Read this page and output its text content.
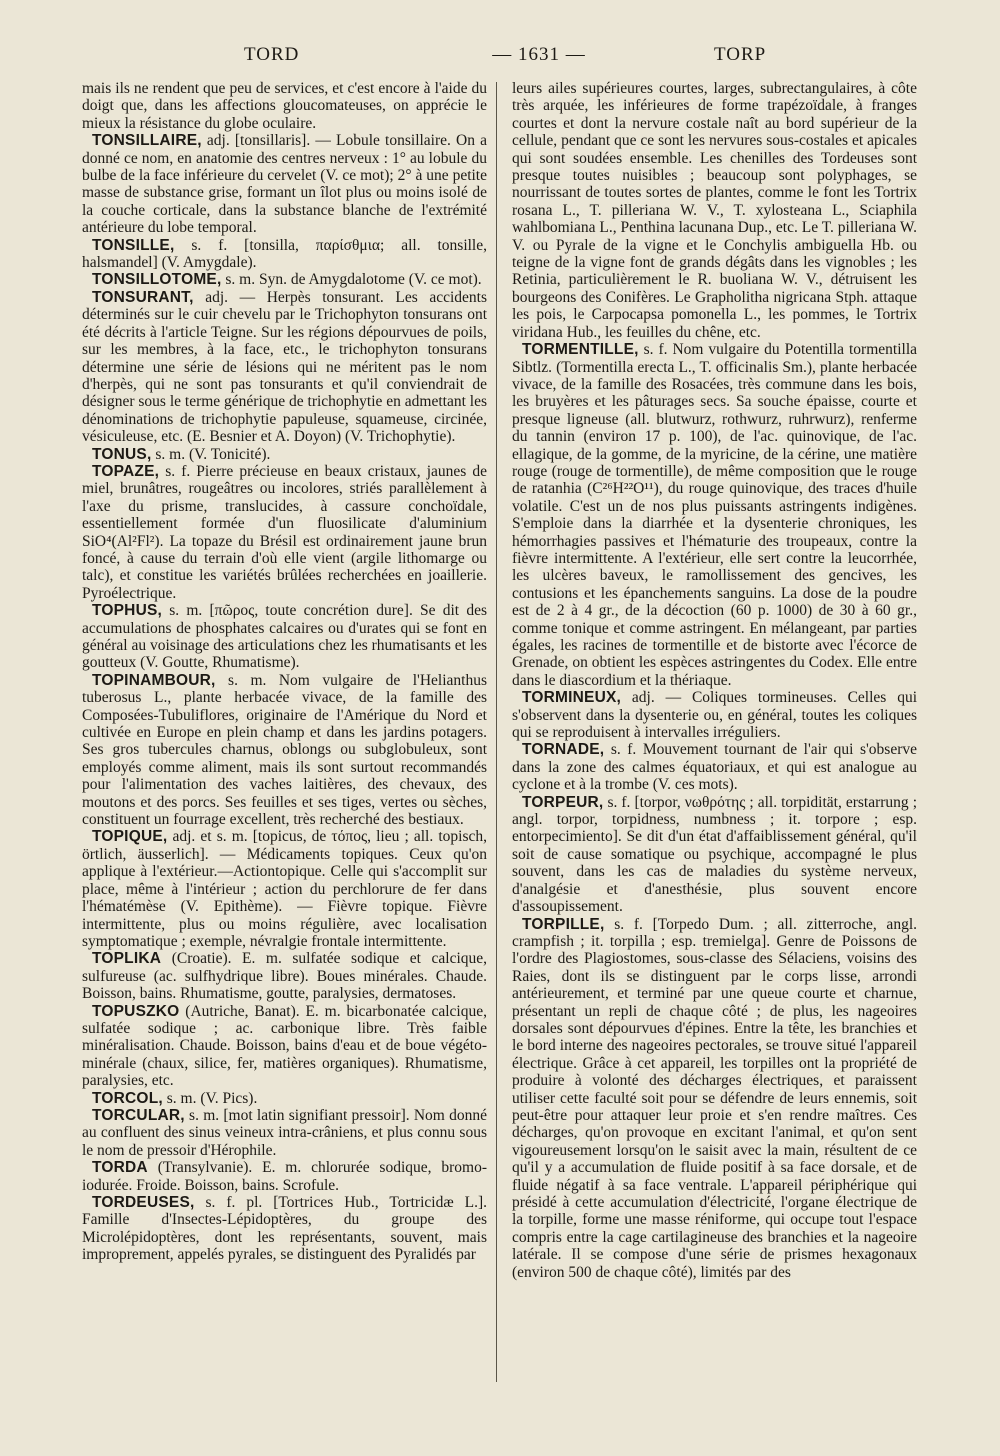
TORD	— 1631 —	TORP
mais ils ne rendent que peu de services, et c'est encore à l'aide du doigt que, dans les affections gloucomateuses, on apprécie le mieux la résistance du globe oculaire.
TONSILLAIRE, adj. [tonsillaris]. — Lobule tonsillaire. On a donné ce nom, en anatomie des centres nerveux : 1° au lobule du bulbe de la face inférieure du cervelet (V. ce mot); 2° à une petite masse de substance grise, formant un îlot plus ou moins isolé de la couche corticale, dans la substance blanche de l'extrémité antérieure du lobe temporal.
TONSILLE, s. f. [tonsilla, παρίσθμια; all. tonsille, halsmandel] (V. Amygdale).
TONSILLOTOME, s. m. Syn. de Amygdalotome (V. ce mot).
TONSURANT, adj. — Herpès tonsurant. Les accidents déterminés sur le cuir chevelu par le Trichophyton tonsurans ont été décrits à l'article Teigne. Sur les régions dépourvues de poils, sur les membres, à la face, etc., le trichophyton tonsurans détermine une série de lésions qui ne méritent pas le nom d'herpès, qui ne sont pas tonsurants et qu'il conviendrait de désigner sous le terme générique de trichophytie en admettant les dénominations de trichophytie papuleuse, squameuse, circinée, vésiculeuse, etc. (E. Besnier et A. Doyon) (V. Trichophytie).
TONUS, s. m. (V. Tonicité).
TOPAZE, s. f. Pierre précieuse en beaux cristaux, jaunes de miel, brunâtres, rougeâtres ou incolores, striés parallèlement à l'axe du prisme, translucides, à cassure conchoïdale, essentiellement formée d'un fluosilicate d'aluminium SiO⁴(Al²Fl²). La topaze du Brésil est ordinairement jaune brun foncé, à cause du terrain d'où elle vient (argile lithomarge ou talc), et constitue les variétés brûlées recherchées en joaillerie. Pyroélectrique.
TOPHUS, s. m. [πῶρος, toute concrétion dure]. Se dit des accumulations de phosphates calcaires ou d'urates qui se font en général au voisinage des articulations chez les rhumatisants et les goutteux (V. Goutte, Rhumatisme).
TOPINAMBOUR, s. m. Nom vulgaire de l'Helianthus tuberosus L., plante herbacée vivace, de la famille des Composées-Tubuliflores, originaire de l'Amérique du Nord et cultivée en Europe en plein champ et dans les jardins potagers. Ses gros tubercules charnus, oblongs ou subglobuleux, sont employés comme aliment, mais ils sont surtout recommandés pour l'alimentation des vaches laitières, des chevaux, des moutons et des porcs. Ses feuilles et ses tiges, vertes ou sèches, constituent un fourrage excellent, très recherché des bestiaux.
TOPIQUE, adj. et s. m. [topicus, de τόπος, lieu ; all. topisch, örtlich, äusserlich]. — Médicaments topiques. Ceux qu'on applique à l'extérieur.—Actiontopique. Celle qui s'accomplit sur place, même à l'intérieur ; action du perchlorure de fer dans l'hématémèse (V. Epithème). — Fièvre topique. Fièvre intermittente, plus ou moins régulière, avec localisation symptomatique ; exemple, névralgie frontale intermittente.
TOPLIKA (Croatie). E. m. sulfatée sodique et calcique, sulfureuse (ac. sulfhydrique libre). Boues minérales. Chaude. Boisson, bains. Rhumatisme, goutte, paralysies, dermatoses.
TOPUSZKO (Autriche, Banat). E. m. bicarbonatée calcique, sulfatée sodique ; ac. carbonique libre. Très faible minéralisation. Chaude. Boisson, bains d'eau et de boue végéto-minérale (chaux, silice, fer, matières organiques). Rhumatisme, paralysies, etc.
TORCOL, s. m. (V. Pics).
TORCULAR, s. m. [mot latin signifiant pressoir]. Nom donné au confluent des sinus veineux intra-crâniens, et plus connu sous le nom de pressoir d'Hérophile.
TORDA (Transylvanie). E. m. chlorurée sodique, bromo-iodurée. Froide. Boisson, bains. Scrofule.
TORDEUSES, s. f. pl. [Tortrices Hub., Tortricidæ L.]. Famille d'Insectes-Lépidoptères, du groupe des Microlépidoptères, dont les représentants, souvent, mais improprement, appelés pyrales, se distinguent des Pyralidés par
leurs ailes supérieures courtes, larges, subrectangulaires, à côte très arquée, les inférieures de forme trapézoïdale, à franges courtes et dont la nervure costale naît au bord supérieur de la cellule, pendant que ce sont les nervures sous-costales et apicales qui sont soudées ensemble. Les chenilles des Tordeuses sont presque toutes nuisibles ; beaucoup sont polyphages, se nourrissant de toutes sortes de plantes, comme le font les Tortrix rosana L., T. pilleriana W. V., T. xylosteana L., Sciaphila wahlbomiana L., Penthina lacunana Dup., etc. Le T. pilleriana W. V. ou Pyrale de la vigne et le Conchylis ambiguella Hb. ou teigne de la vigne font de grands dégâts dans les vignobles ; les Retinia, particulièrement le R. buoliana W. V., détruisent les bourgeons des Conifères. Le Grapholitha nigricana Stph. attaque les pois, le Carpocapsa pomonella L., les pommes, le Tortrix viridana Hub., les feuilles du chêne, etc.
TORMENTILLE, s. f. Nom vulgaire du Potentilla tormentilla Sibtlz. (Tormentilla erecta L., T. officinalis Sm.), plante herbacée vivace, de la famille des Rosacées, très commune dans les bois, les bruyères et les pâturages secs. Sa souche épaisse, courte et presque ligneuse (all. blutwurz, rothwurz, ruhrwurz), renferme du tannin (environ 17 p. 100), de l'ac. quinovique, de l'ac. ellagique, de la gomme, de la myricine, de la cérine, une matière rouge (rouge de tormentille), de même composition que le rouge de ratanhia (C²⁶H²²O¹¹), du rouge quinovique, des traces d'huile volatile. C'est un de nos plus puissants astringents indigènes. S'emploie dans la diarrhée et la dysenterie chroniques, les hémorrhagies passives et l'hématurie des troupeaux, contre la fièvre intermittente. A l'extérieur, elle sert contre la leucorrhée, les ulcères baveux, le ramollissement des gencives, les contusions et les épanchements sanguins. La dose de la poudre est de 2 à 4 gr., de la décoction (60 p. 1000) de 30 à 60 gr., comme tonique et comme astringent. En mélangeant, par parties égales, les racines de tormentille et de bistorte avec l'écorce de Grenade, on obtient les espèces astringentes du Codex. Elle entre dans le diascordium et la thériaque.
TORMINEUX, adj. — Coliques tormineuses. Celles qui s'observent dans la dysenterie ou, en général, toutes les coliques qui se reproduisent à intervalles irréguliers.
TORNADE, s. f. Mouvement tournant de l'air qui s'observe dans la zone des calmes équatoriaux, et qui est analogue au cyclone et à la trombe (V. ces mots).
TORPEUR, s. f. [torpor, νωθρότης ; all. torpidität, erstarrung ; angl. torpor, torpidness, numbness ; it. torpore ; esp. entorpecimiento]. Se dit d'un état d'affaiblissement général, qu'il soit de cause somatique ou psychique, accompagné le plus souvent, dans les cas de maladies du système nerveux, d'analgésie et d'anesthésie, plus souvent encore d'assoupissement.
TORPILLE, s. f. [Torpedo Dum. ; all. zitterroche, angl. crampfish ; it. torpilla ; esp. tremielga]. Genre de Poissons de l'ordre des Plagiostomes, sous-classe des Sélaciens, voisins des Raies, dont ils se distinguent par le corps lisse, arrondi antérieurement, et terminé par une queue courte et charnue, présentant un repli de chaque côté ; de plus, les nageoires dorsales sont dépourvues d'épines. Entre la tête, les branchies et le bord interne des nageoires pectorales, se trouve situé l'appareil électrique. Grâce à cet appareil, les torpilles ont la propriété de produire à volonté des décharges électriques, et paraissent utiliser cette faculté soit pour se défendre de leurs ennemis, soit peut-être pour attaquer leur proie et s'en rendre maîtres. Ces décharges, qu'on provoque en excitant l'animal, et qu'on sent vigoureusement lorsqu'on le saisit avec la main, résultent de ce qu'il y a accumulation de fluide positif à sa face dorsale, et de fluide négatif à sa face ventrale. L'appareil périphérique qui présidé à cette accumulation d'électricité, l'organe électrique de la torpille, forme une masse réniforme, qui occupe tout l'espace compris entre la cage cartilagineuse des branchies et la nageoire latérale. Il se compose d'une série de prismes hexagonaux (environ 500 de chaque côté), limités par des
